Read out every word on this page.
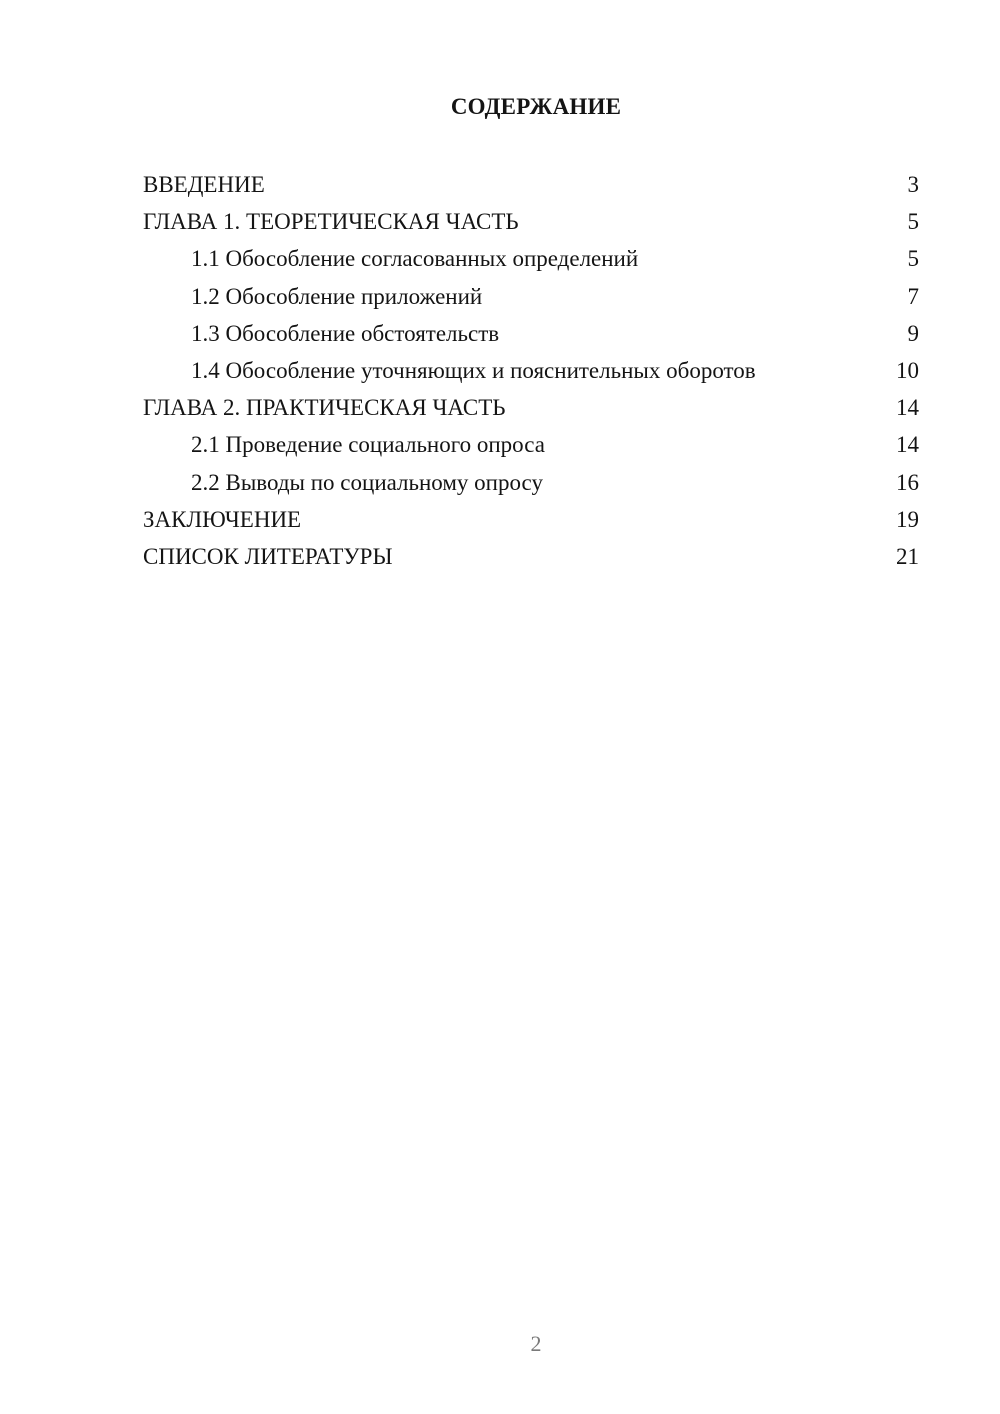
СОДЕРЖАНИЕ
ВВЕДЕНИЕ	3
ГЛАВА 1. ТЕОРЕТИЧЕСКАЯ ЧАСТЬ	5
1.1 Обособление согласованных определений	5
1.2 Обособление приложений	7
1.3 Обособление обстоятельств	9
1.4 Обособление уточняющих и пояснительных оборотов	10
ГЛАВА 2. ПРАКТИЧЕСКАЯ ЧАСТЬ	14
2.1 Проведение социального опроса	14
2.2 Выводы по социальному опросу	16
ЗАКЛЮЧЕНИЕ	19
СПИСОК ЛИТЕРАТУРЫ	21
2
